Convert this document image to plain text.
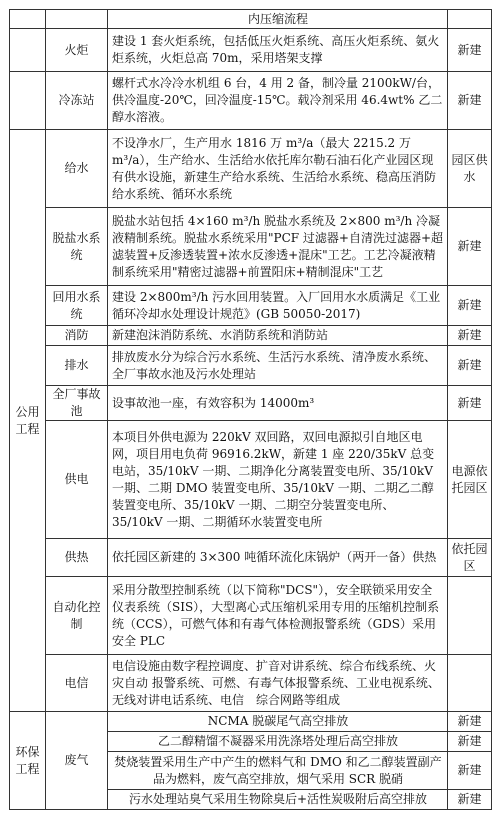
		内压缩流程	
	火炬	建设 1 套火炬系统，包括低压火炬系统、高压火炬系统、氨火炬系统，火炬总高 70m，采用塔架支撑	新建
	冷冻站	螺杆式水冷冷水机组 6 台，4 用 2 备，制冷量 2100kW/台，供冷温度-20℃，回冷温度-15℃。载冷剂采用 46.4wt% 乙二醇水溶液。	新建
公用工程	给水	不设净水厂，生产用水 1816 万 m³/a（最大 2215.2 万 m³/a），生产给水、生活给水依托库尔勒石油石化产业园区现有供水设施，新建生产给水系统、生活给水系统、稳高压消防给水系统、循环水系统	园区供水
	脱盐水系统	脱盐水站包括 4×160 m³/h 脱盐水系统及 2×800 m³/h 冷凝液精制系统。脱盐水系统采用"PCF 过滤器+自清洗过滤器+超滤装置+反渗透装置+浓水反渗透+混床"工艺。工艺冷凝液精制系统采用"精密过滤器+前置阳床+精制混床"工艺	新建
	回用水系统	建设 2×800m³/h 污水回用装置。入厂回用水水质满足《工业循环冷却水处理设计规范》(GB 50050-2017)	新建
	消防	新建泡沫消防系统、水消防系统和消防站	新建
	排水	排放废水分为综合污水系统、生活污水系统、清净废水系统、全厂事故水池及污水处理站	新建
	全厂事故池	设事故池一座，有效容积为 14000m³	新建
	供电	本项目外供电源为 220kV 双回路，双回电源拟引自地区电网，项目用电负荷 96916.2kW，新建 1 座 220/35kV 总变电站，35/10kV 一期、二期净化分离装置变电所、35/10kV 一期、二期 DMO 装置变电所、35/10kV 一期、二期乙二醇装置变电所、35/10kV 一期、二期空分装置变电所、35/10kV 一期、二期循环水装置变电所	电源依托园区
	供热	依托园区新建的 3×300 吨循环流化床锅炉（两开一备）供热	依托园区
	自动化控制	采用分散型控制系统（以下简称"DCS"），安全联锁采用安全仪表系统（SIS），大型离心式压缩机采用专用的压缩机控制系统（CCS），可燃气体和有毒气体检测报警系统（GDS）采用安全 PLC	
	电信	电信设施由数字程控调度、扩音对讲系统、综合布线系统、火灾自动 报警系统、可燃、有毒气体报警系统、工业电视系统、无线对讲电话系统、电信　综合网路等组成	
环保工程	废气	NCMA 脱碳尾气高空排放	新建
		乙二醇精馏不凝器采用洗涤塔处理后高空排放	新建
		焚烧装置采用生产中产生的燃料气和 DMO 和乙二醇装置副产品为燃料，废气高空排放，烟气采用 SCR 脱硝	新建
		污水处理站臭气采用生物除臭后+活性炭吸附后高空排放	新建
